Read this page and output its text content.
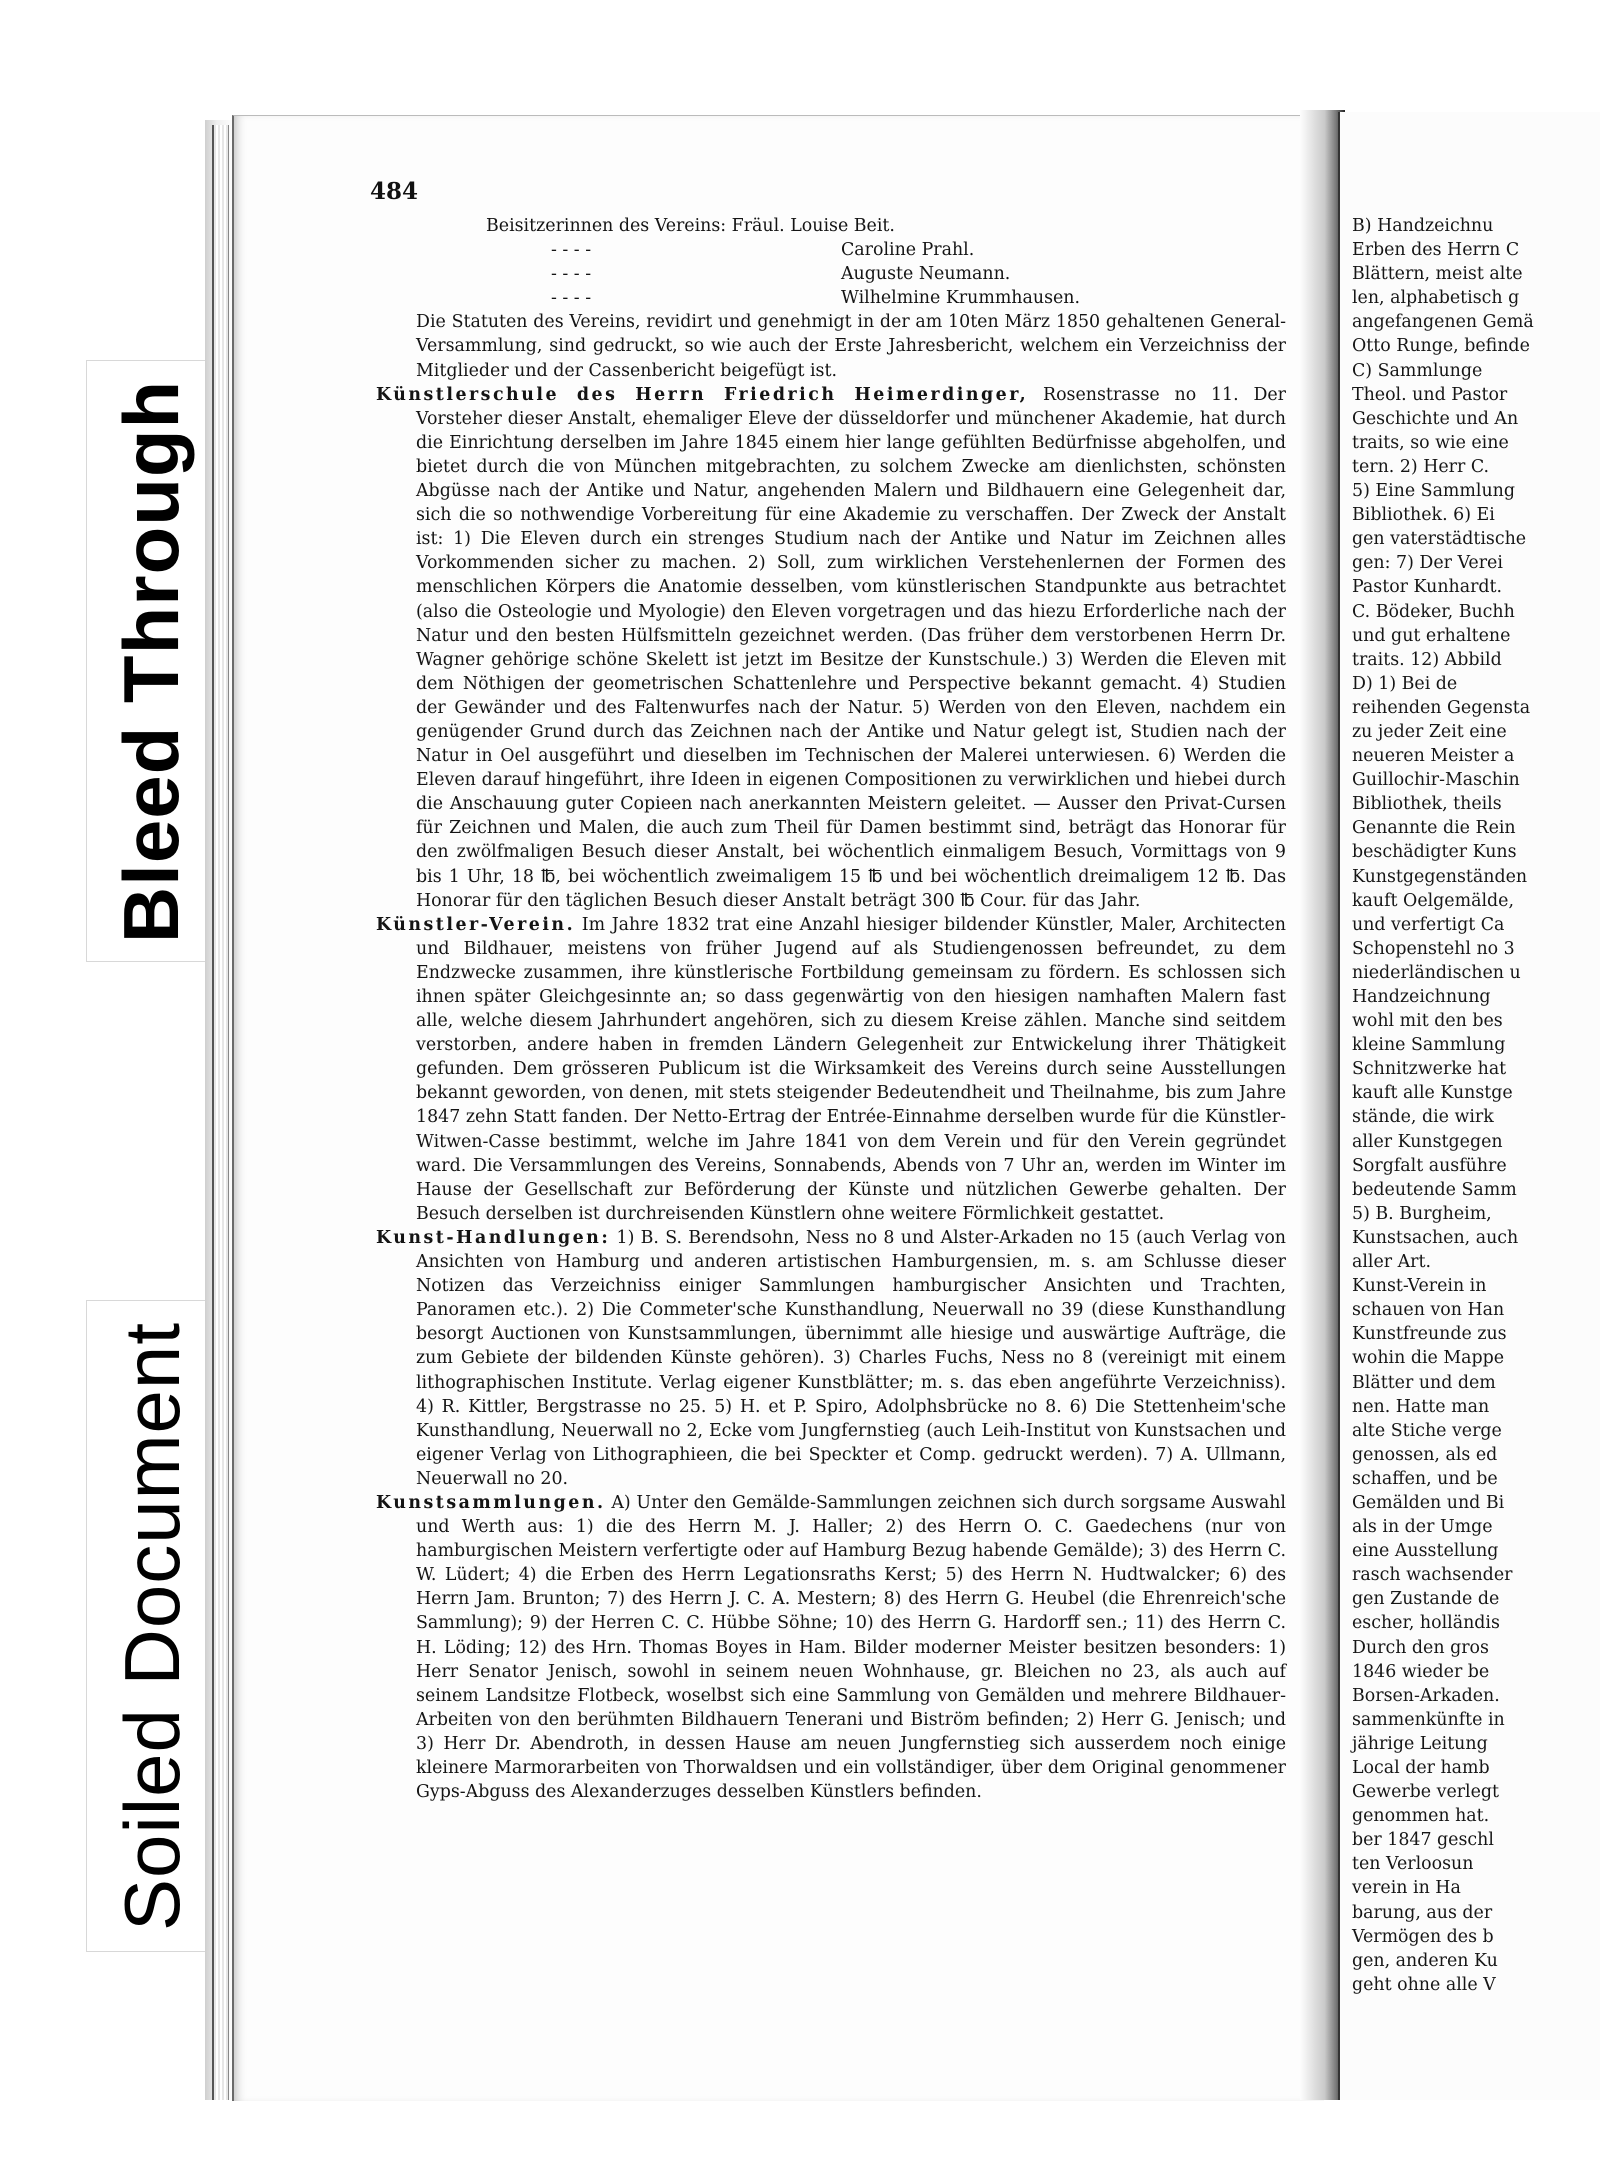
Bleed Through
Soiled Document
484

Beisitzerinnen des Vereins: Fräul. Louise Beit.

- - - -	Caroline Prahl.

- - - -	Auguste Neumann.

- - - -	Wilhelmine Krummhausen.

Die Statuten des Vereins, revidirt und genehmigt in der am 10ten März 1850 gehaltenen General-Versammlung, sind gedruckt, so wie auch der Erste Jahresbericht, welchem ein Verzeichniss der Mitglieder und der Cassenbericht beigefügt ist.

Künstlerschule des Herrn Friedrich Heimerdinger, Rosenstrasse no 11. Der Vorsteher dieser Anstalt, ehemaliger Eleve der düsseldorfer und münchener Akademie, hat durch die Einrichtung derselben im Jahre 1845 einem hier lange gefühlten Bedürfnisse abgeholfen, und bietet durch die von München mitgebrachten, zu solchem Zwecke am dienlichsten, schönsten Abgüsse nach der Antike und Natur, angehenden Malern und Bildhauern eine Gelegenheit dar, sich die so nothwendige Vorbereitung für eine Akademie zu verschaffen. Der Zweck der Anstalt ist: 1) Die Eleven durch ein strenges Studium nach der Antike und Natur im Zeichnen alles Vorkommenden sicher zu machen. 2) Soll, zum wirklichen Verstehenlernen der Formen des menschlichen Körpers die Anatomie desselben, vom künstlerischen Standpunkte aus betrachtet (also die Osteologie und Myologie) den Eleven vorgetragen und das hiezu Erforderliche nach der Natur und den besten Hülfsmitteln gezeichnet werden. (Das früher dem verstorbenen Herrn Dr. Wagner gehörige schöne Skelett ist jetzt im Besitze der Kunstschule.) 3) Werden die Eleven mit dem Nöthigen der geometrischen Schattenlehre und Perspective bekannt gemacht. 4) Studien der Gewänder und des Faltenwurfes nach der Natur. 5) Werden von den Eleven, nachdem ein genügender Grund durch das Zeichnen nach der Antike und Natur gelegt ist, Studien nach der Natur in Oel ausgeführt und dieselben im Technischen der Malerei unterwiesen. 6) Werden die Eleven darauf hingeführt, ihre Ideen in eigenen Compositionen zu verwirklichen und hiebei durch die Anschauung guter Copieen nach anerkannten Meistern geleitet. — Ausser den Privat-Cursen für Zeichnen und Malen, die auch zum Theil für Damen bestimmt sind, beträgt das Honorar für den zwölfmaligen Besuch dieser Anstalt, bei wöchentlich einmaligem Besuch, Vormittags von 9 bis 1 Uhr, 18 ℔, bei wöchentlich zweimaligem 15 ℔ und bei wöchentlich dreimaligem 12 ℔. Das Honorar für den täglichen Besuch dieser Anstalt beträgt 300 ℔ Cour. für das Jahr.

Künstler-Verein. Im Jahre 1832 trat eine Anzahl hiesiger bildender Künstler, Maler, Architecten und Bildhauer, meistens von früher Jugend auf als Studiengenossen befreundet, zu dem Endzwecke zusammen, ihre künstlerische Fortbildung gemeinsam zu fördern. Es schlossen sich ihnen später Gleichgesinnte an; so dass gegenwärtig von den hiesigen namhaften Malern fast alle, welche diesem Jahrhundert angehören, sich zu diesem Kreise zählen. Manche sind seitdem verstorben, andere haben in fremden Ländern Gelegenheit zur Entwickelung ihrer Thätigkeit gefunden. Dem grösseren Publicum ist die Wirksamkeit des Vereins durch seine Ausstellungen bekannt geworden, von denen, mit stets steigender Bedeutendheit und Theilnahme, bis zum Jahre 1847 zehn Statt fanden. Der Netto-Ertrag der Entrée-Einnahme derselben wurde für die Künstler-Witwen-Casse bestimmt, welche im Jahre 1841 von dem Verein und für den Verein gegründet ward. Die Versammlungen des Vereins, Sonnabends, Abends von 7 Uhr an, werden im Winter im Hause der Gesellschaft zur Beförderung der Künste und nützlichen Gewerbe gehalten. Der Besuch derselben ist durchreisenden Künstlern ohne weitere Förmlichkeit gestattet.

Kunst-Handlungen: 1) B. S. Berendsohn, Ness no 8 und Alster-Arkaden no 15 (auch Verlag von Ansichten von Hamburg und anderen artistischen Hamburgensien, m. s. am Schlusse dieser Notizen das Verzeichniss einiger Sammlungen hamburgischer Ansichten und Trachten, Panoramen etc.). 2) Die Commeter'sche Kunsthandlung, Neuerwall no 39 (diese Kunsthandlung besorgt Auctionen von Kunstsammlungen, übernimmt alle hiesige und auswärtige Aufträge, die zum Gebiete der bildenden Künste gehören). 3) Charles Fuchs, Ness no 8 (vereinigt mit einem lithographischen Institute. Verlag eigener Kunstblätter; m. s. das eben angeführte Verzeichniss). 4) R. Kittler, Bergstrasse no 25. 5) H. et P. Spiro, Adolphsbrücke no 8. 6) Die Stettenheim'sche Kunsthandlung, Neuerwall no 2, Ecke vom Jungfernstieg (auch Leih-Institut von Kunstsachen und eigener Verlag von Lithographieen, die bei Speckter et Comp. gedruckt werden). 7) A. Ullmann, Neuerwall no 20.

Kunstsammlungen. A) Unter den Gemälde-Sammlungen zeichnen sich durch sorgsame Auswahl und Werth aus: 1) die des Herrn M. J. Haller; 2) des Herrn O. C. Gaedechens (nur von hamburgischen Meistern verfertigte oder auf Hamburg Bezug habende Gemälde); 3) des Herrn C. W. Lüdert; 4) die Erben des Herrn Legationsraths Kerst; 5) des Herrn N. Hudtwalcker; 6) des Herrn Jam. Brunton; 7) des Herrn J. C. A. Mestern; 8) des Herrn G. Heubel (die Ehrenreich'sche Sammlung); 9) der Herren C. C. Hübbe Söhne; 10) des Herrn G. Hardorff sen.; 11) des Herrn C. H. Löding; 12) des Hrn. Thomas Boyes in Ham. Bilder moderner Meister besitzen besonders: 1) Herr Senator Jenisch, sowohl in seinem neuen Wohnhause, gr. Bleichen no 23, als auch auf seinem Landsitze Flotbeck, woselbst sich eine Sammlung von Gemälden und mehrere Bildhauer-Arbeiten von den berühmten Bildhauern Tenerani und Biström befinden; 2) Herr G. Jenisch; und 3) Herr Dr. Abendroth, in dessen Hause am neuen Jungfernstieg sich ausserdem noch einige kleinere Marmorarbeiten von Thorwaldsen und ein vollständiger, über dem Original genommener Gyps-Abguss des Alexanderzuges desselben Künstlers befinden.

B) Handzeichnu
Erben des Herrn C
Blättern, meist alte
len, alphabetisch g
angefangenen Gemä
Otto Runge, befinde
C) Sammlunge
Theol. und Pastor
Geschichte und An
traits, so wie eine
tern. 2) Herr C.
5) Eine Sammlung
Bibliothek. 6) Ei
gen vaterstädtische
gen: 7) Der Verei
Pastor Kunhardt.
C. Bödeker, Buchh
und gut erhaltene
traits. 12) Abbild
D) 1) Bei de
reihenden Gegensta
zu jeder Zeit eine
neueren Meister a
Guillochir-Maschin
Bibliothek, theils
Genannte die Rein
beschädigter Kuns
Kunstgegenständen
kauft Oelgemälde,
und verfertigt Ca
Schopenstehl no 3
niederländischen u
Handzeichnung
wohl mit den bes
kleine Sammlung
Schnitzwerke hat
kauft alle Kunstge
stände, die wirk
aller Kunstgegen
Sorgfalt ausführe
bedeutende Samm
5) B. Burgheim,
Kunstsachen, auch
aller Art.
Kunst-Verein in
schauen von Han
Kunstfreunde zus
wohin die Mappe
Blätter und dem
nen. Hatte man
alte Stiche verge
genossen, als ed
schaffen, und be
Gemälden und Bi
als in der Umge
eine Ausstellung
rasch wachsender
gen Zustande de
escher, holländis
Durch den gros
1846 wieder be
Borsen-Arkaden.
sammenkünfte in
jährige Leitung
Local der hamb
Gewerbe verlegt
genommen hat.
ber 1847 geschl
ten Verloosun
verein in Ha
barung, aus der
Vermögen des b
gen, anderen Ku
geht ohne alle V
